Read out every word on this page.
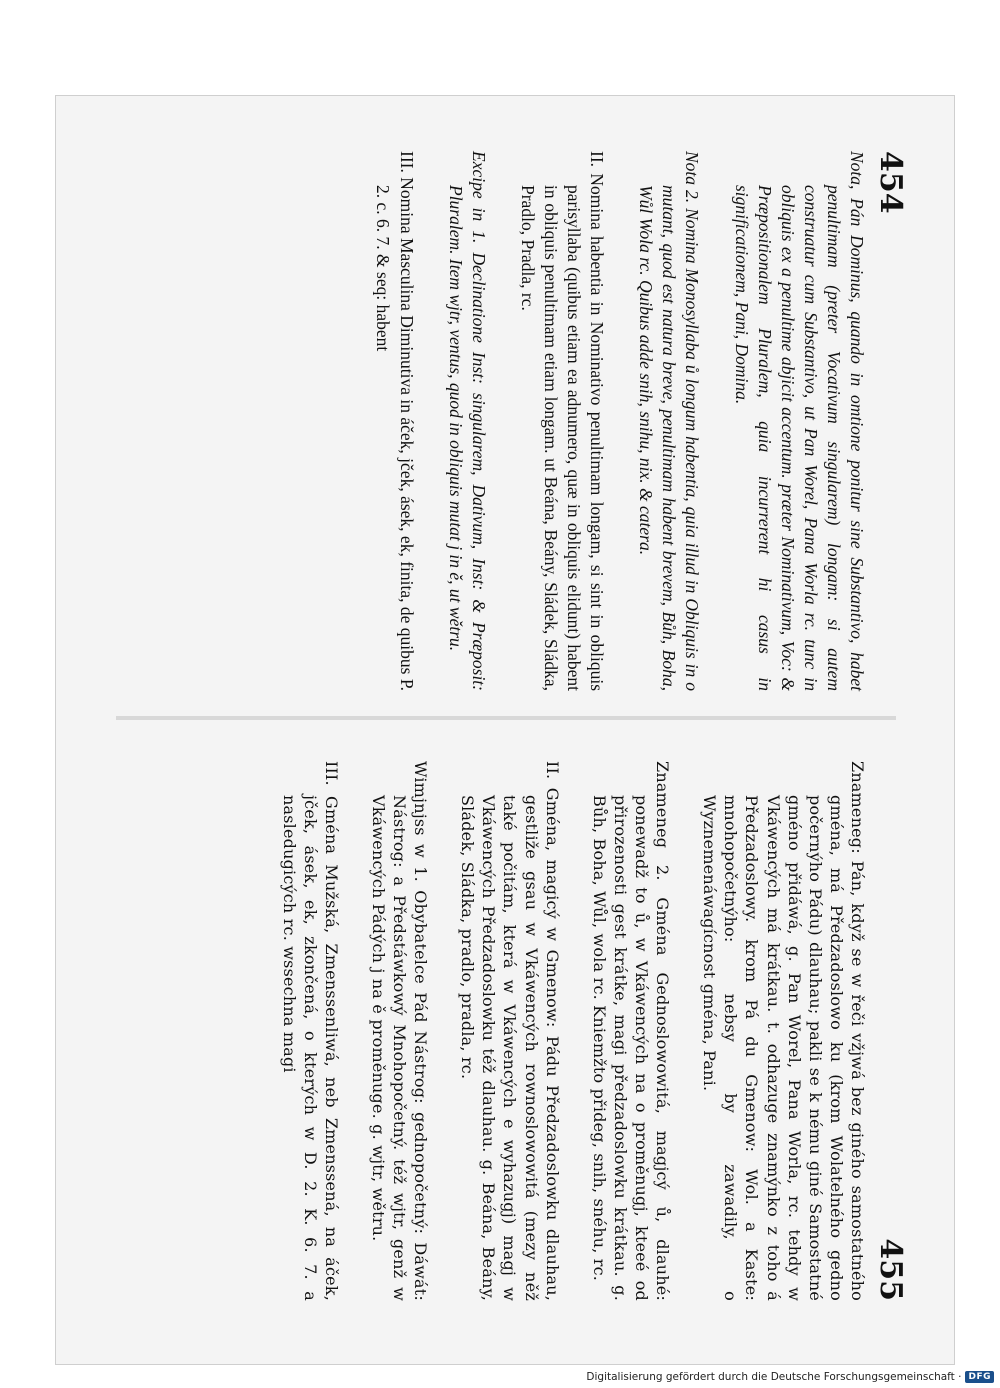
454

Nota, Pán Dominus, quando in omtione ponitur sine Substantivo, habet penultimam (preter Vocativum singularem) longam: si autem construatur cum Substantivo, ut Pan Worel, Pana Worla rc. tunc in obliquis ex a penultime abjicit accentum. præter Nominativum, Voc: & Præpositionalem Pluralem, quia incurrerent hi casus in significationem, Pani, Domina.

Nota 2. Nomina Monosyllaba ů longum habentia, quia illud in Obliquis in o mutant, quod est natura breve, penultimam habent brevem, Bůh, Boha, Wůl Wola rc. Quibus adde snih, snihu, nix. & catera.

II. Nomina habentia in Nominativo penultimam longam, si sint in obliquis parisyllaba (quibus etiam ea adnumero, quæ in obliquis elidunt) habent in obliquis penultimam etiam longam. ut Beána, Beány, Sládek, Sládka, Pradlo, Pradla, rc.

Excipe in 1. Declinatione Inst: singularem, Dativum, Inst: & Præposit: Pluralem. Item wjtr, ventus, quod in obliquis mutat j in ě, ut wětru.

III. Nomina Masculina Diminutiva in áček, jček, ásek, ek, finita, de quibus P. 2. c. 6. 7. & seq: habent

455

Znameneg: Pán, když se w řeči vžjwá bez giného samostatného gména, má Předzadoslowo ku (krom Wolatelného gedno počernýho Pádu) dlauhau; pakli se k nému giné Samostatné gméno přidáwá, g. Pan Worel, Pana Worla, rc. tehdy w Vkáwencých má krátkau. t. odhazuge znamýnko z toho á Předzadoslowy. krom Pá du Gmenow: Wol. a Kaste: mnohopočetnýho: nebsy by zawadily, o Wyznemenáwagícnost gména, Pani.

Znameneg 2. Gména Gednoslowowitá, magjcý ů, dlauhé: ponewadž to ů, w Vkáwencých na o proměnugj, kteeé od přirozenosti gest krátke, magi předzadoslowku krátkau. g. Bůh, Boha, Wůl, wola rc. Kniemžto přideg, snih, snéhu, rc.

II. Gména, magicý w Gmenow: Pádu Předzadoslowku dlauhau, gestliže gsau w Vkáwencých rownoslowowitá (mezy něž také počitám, která w Vkáwencých e wyhazugj) magj w Vkáwencých Předzadoslowku též dlauhau. g. Beána, Beány, Sládek, Sládka, pradlo, pradla, rc.

Wimjnjss w 1. Obybatelce Pád Nástrog: gednopočetný: Dáwát: Nástrog: a Předstáwkowý Mnohopočetný. též wjtr, genž w Vkáwencých Pádých j na ě proměnuge. g. wjtr, wětru.

III. Gména Mužská, Zmenssenliwá, neb Zmenssená, na áček, jček, ásek, ek, zkončená, o kterých w D. 2. K. 6. 7. a nasledugicých rc. wssechna magi

Digitalisierung gefördert durch die Deutsche Forschungsgemeinschaft · DFG
